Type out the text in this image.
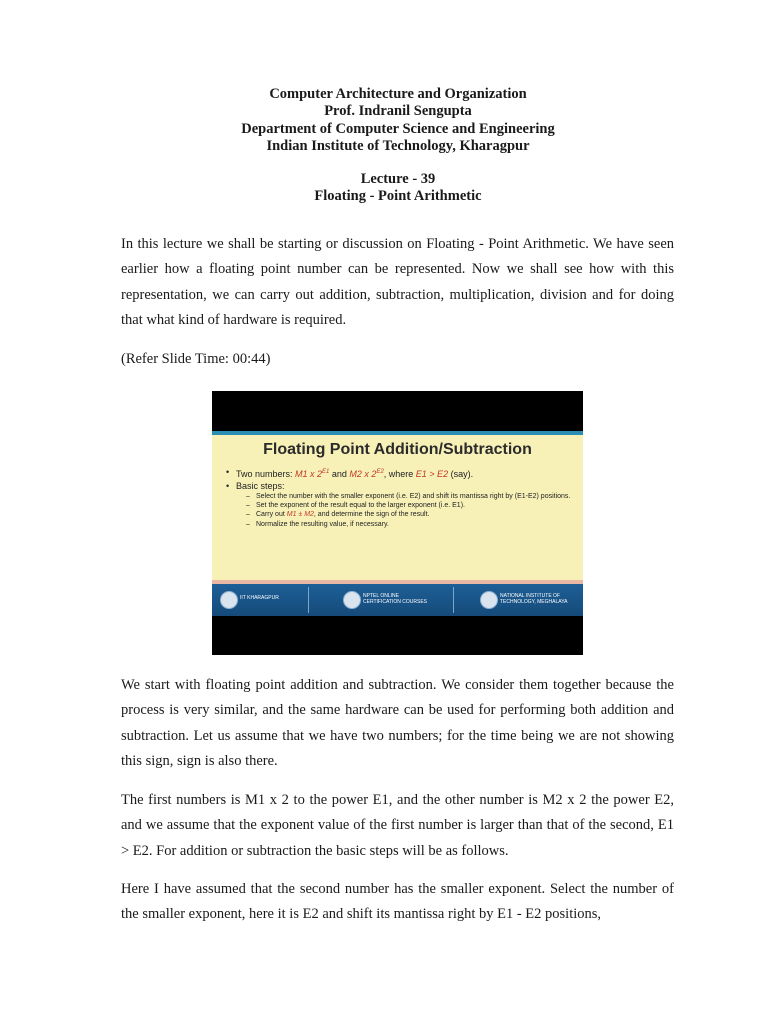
Computer Architecture and Organization
Prof. Indranil Sengupta
Department of Computer Science and Engineering
Indian Institute of Technology, Kharagpur
Lecture - 39
Floating - Point Arithmetic

In this lecture we shall be starting or discussion on Floating - Point Arithmetic. We have seen earlier how a floating point number can be represented. Now we shall see how with this representation, we can carry out addition, subtraction, multiplication, division and for doing that what kind of hardware is required.

(Refer Slide Time: 00:44)
Floating Point Addition/Subtraction
• Two numbers: M1 x $2^{E1}$ and M2 x $2^{E2}$, where E1 > E2 (say).
• Basic steps:
– Select the number with the smaller exponent (i.e. E2) and shift its mantissa right by (E1-E2) positions.
– Set the exponent of the result equal to the larger exponent (i.e. E1).
– Carry out M1 ± M2, and determine the sign of the result.
– Normalize the resulting value, if necessary.
IIT KHARAGPUR	NPTEL ONLINE CERTIFICATION COURSES
NATIONAL INSTITUTE OF TECHNOLOGY, MEGHALAYA

We start with floating point addition and subtraction. We consider them together because the process is very similar, and the same hardware can be used for performing both addition and subtraction. Let us assume that we have two numbers; for the time being we are not showing this sign, sign is also there.

The first numbers is M1 x 2 to the power E1, and the other number is M2 x 2 the power E2, and we assume that the exponent value of the first number is larger than that of the second, E1 > E2. For addition or subtraction the basic steps will be as follows.

Here I have assumed that the second number has the smaller exponent. Select the number of the smaller exponent, here it is E2 and shift its mantissa right by E1 - E2 positions,
